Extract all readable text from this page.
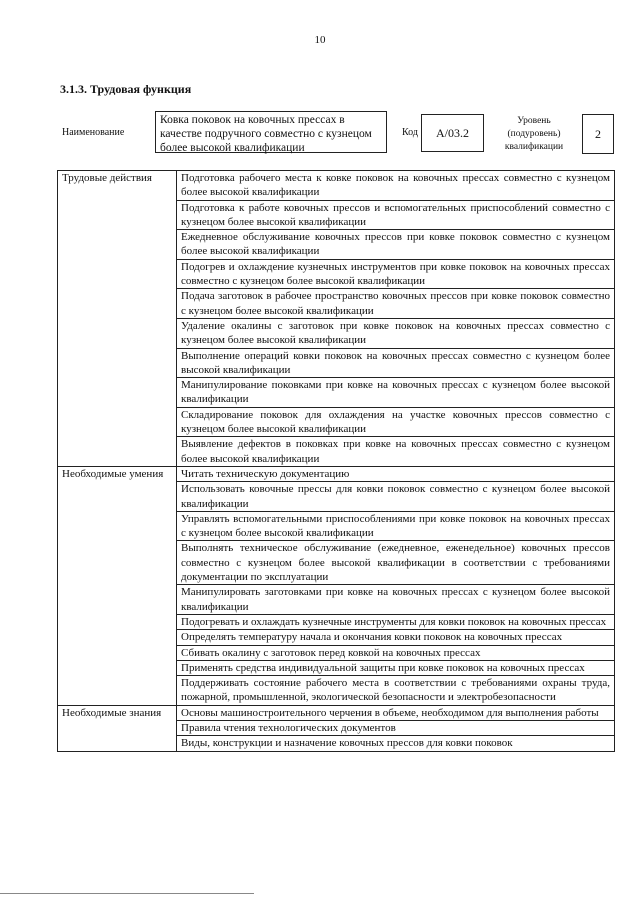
10
3.1.3. Трудовая функция
Наименование
Ковка поковок на ковочных прессах в качестве подручного совместно с кузнецом более высокой квалификации
Код	А/03.2
Уровень (подуровень) квалификации
2
Трудовые действия	Подготовка рабочего места к ковке поковок на ковочных прессах совместно с кузнецом более высокой квалификации
	Подготовка к работе ковочных прессов и вспомогательных приспособлений совместно с кузнецом более высокой квалификации
	Ежедневное обслуживание ковочных прессов при ковке поковок совместно с кузнецом более высокой квалификации
	Подогрев и охлаждение кузнечных инструментов при ковке поковок на ковочных прессах совместно с кузнецом более высокой квалификации
	Подача заготовок в рабочее пространство ковочных прессов при ковке поковок совместно с кузнецом более высокой квалификации
	Удаление окалины с заготовок при ковке поковок на ковочных прессах совместно с кузнецом более высокой квалификации
	Выполнение операций ковки поковок на ковочных прессах совместно с кузнецом более высокой квалификации
	Манипулирование поковками при ковке на ковочных прессах с кузнецом более высокой квалификации
	Складирование поковок для охлаждения на участке ковочных прессов совместно с кузнецом более высокой квалификации
	Выявление дефектов в поковках при ковке на ковочных прессах совместно с кузнецом более высокой квалификации
Необходимые умения	Читать техническую документацию
	Использовать ковочные прессы для ковки поковок совместно с кузнецом более высокой квалификации
	Управлять вспомогательными приспособлениями при ковке поковок на ковочных прессах с кузнецом более высокой квалификации
	Выполнять техническое обслуживание (ежедневное, еженедельное) ковочных прессов совместно с кузнецом более высокой квалификации в соответствии с требованиями документации по эксплуатации
	Манипулировать заготовками при ковке на ковочных прессах с кузнецом более высокой квалификации
	Подогревать и охлаждать кузнечные инструменты для ковки поковок на ковочных прессах
	Определять температуру начала и окончания ковки поковок на ковочных прессах
	Сбивать окалину с заготовок перед ковкой на ковочных прессах
	Применять средства индивидуальной защиты при ковке поковок на ковочных прессах
	Поддерживать состояние рабочего места в соответствии с требованиями охраны труда, пожарной, промышленной, экологической безопасности и электробезопасности
Необходимые знания	Основы машиностроительного черчения в объеме, необходимом для выполнения работы
	Правила чтения технологических документов
	Виды, конструкции и назначение ковочных прессов для ковки поковок
